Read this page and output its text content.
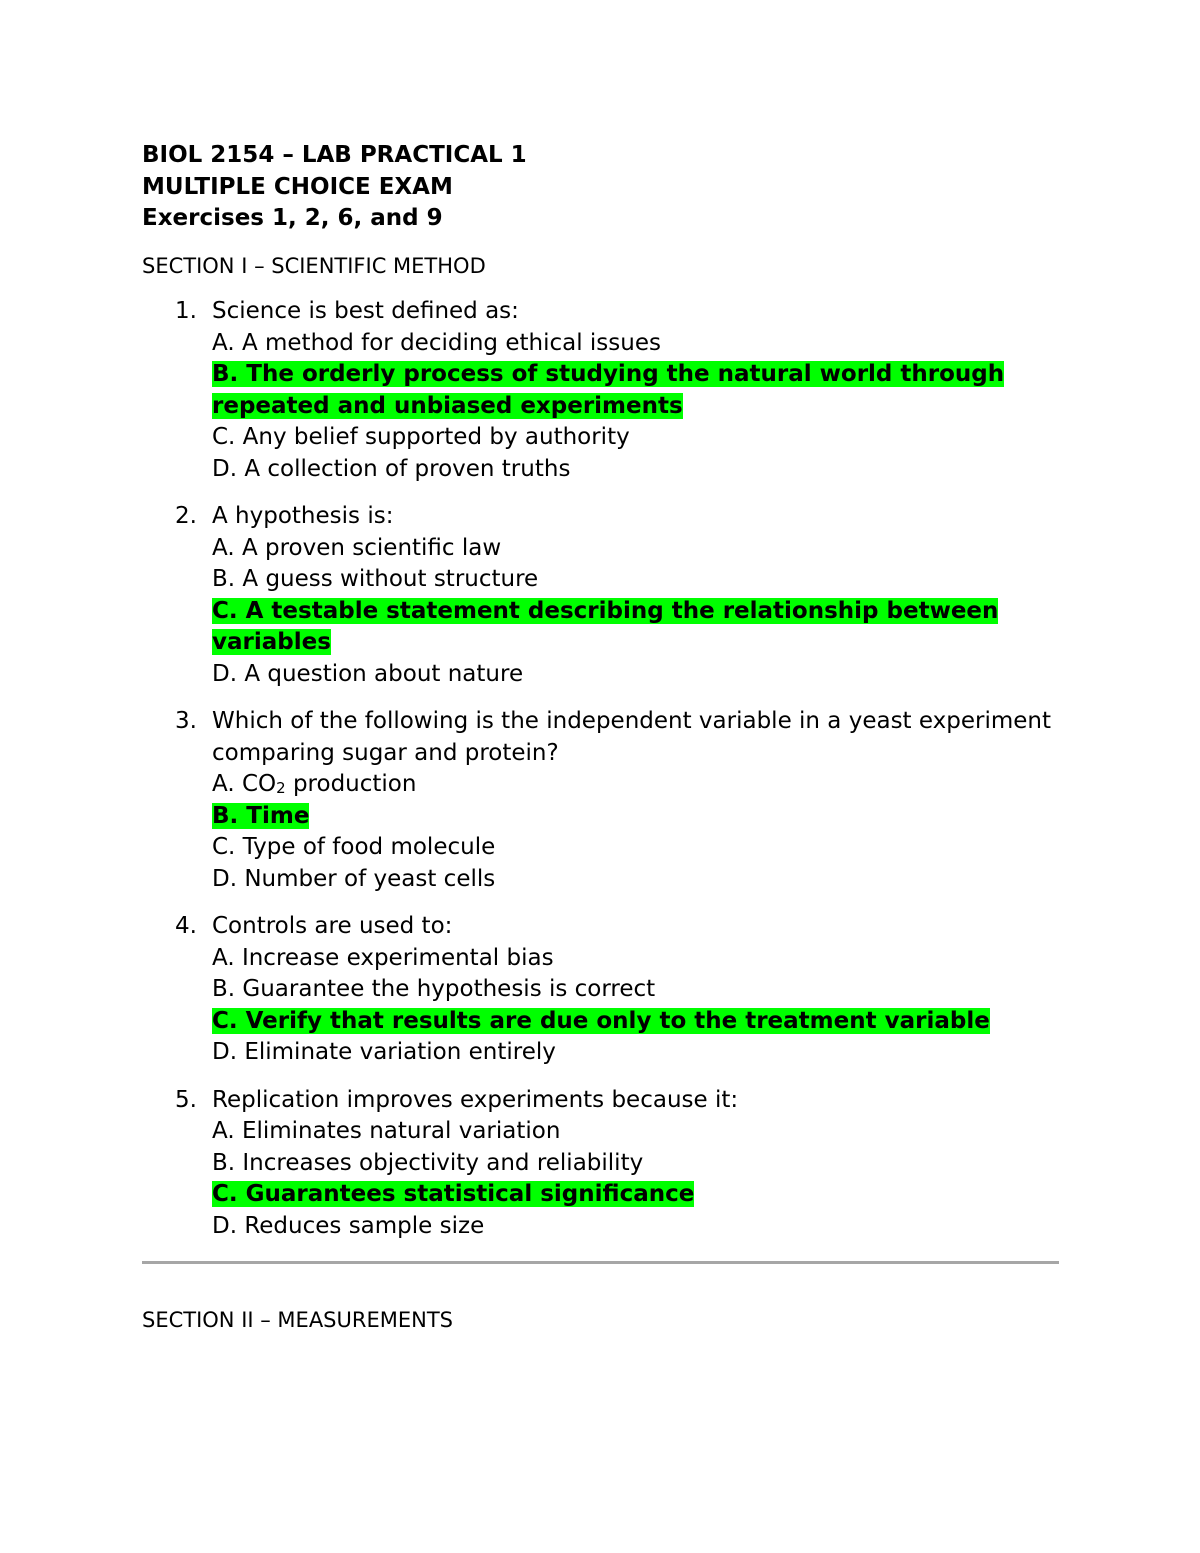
BIOL 2154 – LAB PRACTICAL 1

MULTIPLE CHOICE EXAM

Exercises 1, 2, 6, and 9

SECTION I – SCIENTIFIC METHOD

1. Science is best defined as:
A. A method for deciding ethical issues
B. The orderly process of studying the natural world through repeated and unbiased experiments
C. Any belief supported by authority
D. A collection of proven truths
2. A hypothesis is:
A. A proven scientific law
B. A guess without structure
C. A testable statement describing the relationship between variables
D. A question about nature
3. Which of the following is the independent variable in a yeast experiment comparing sugar and protein?
A. $CO_2$ production
B. Time
C. Type of food molecule
D. Number of yeast cells
4. Controls are used to:
A. Increase experimental bias
B. Guarantee the hypothesis is correct
C. Verify that results are due only to the treatment variable
D. Eliminate variation entirely
5. Replication improves experiments because it:
A. Eliminates natural variation
B. Increases objectivity and reliability
C. Guarantees statistical significance
D. Reduces sample size

SECTION II – MEASUREMENTS
